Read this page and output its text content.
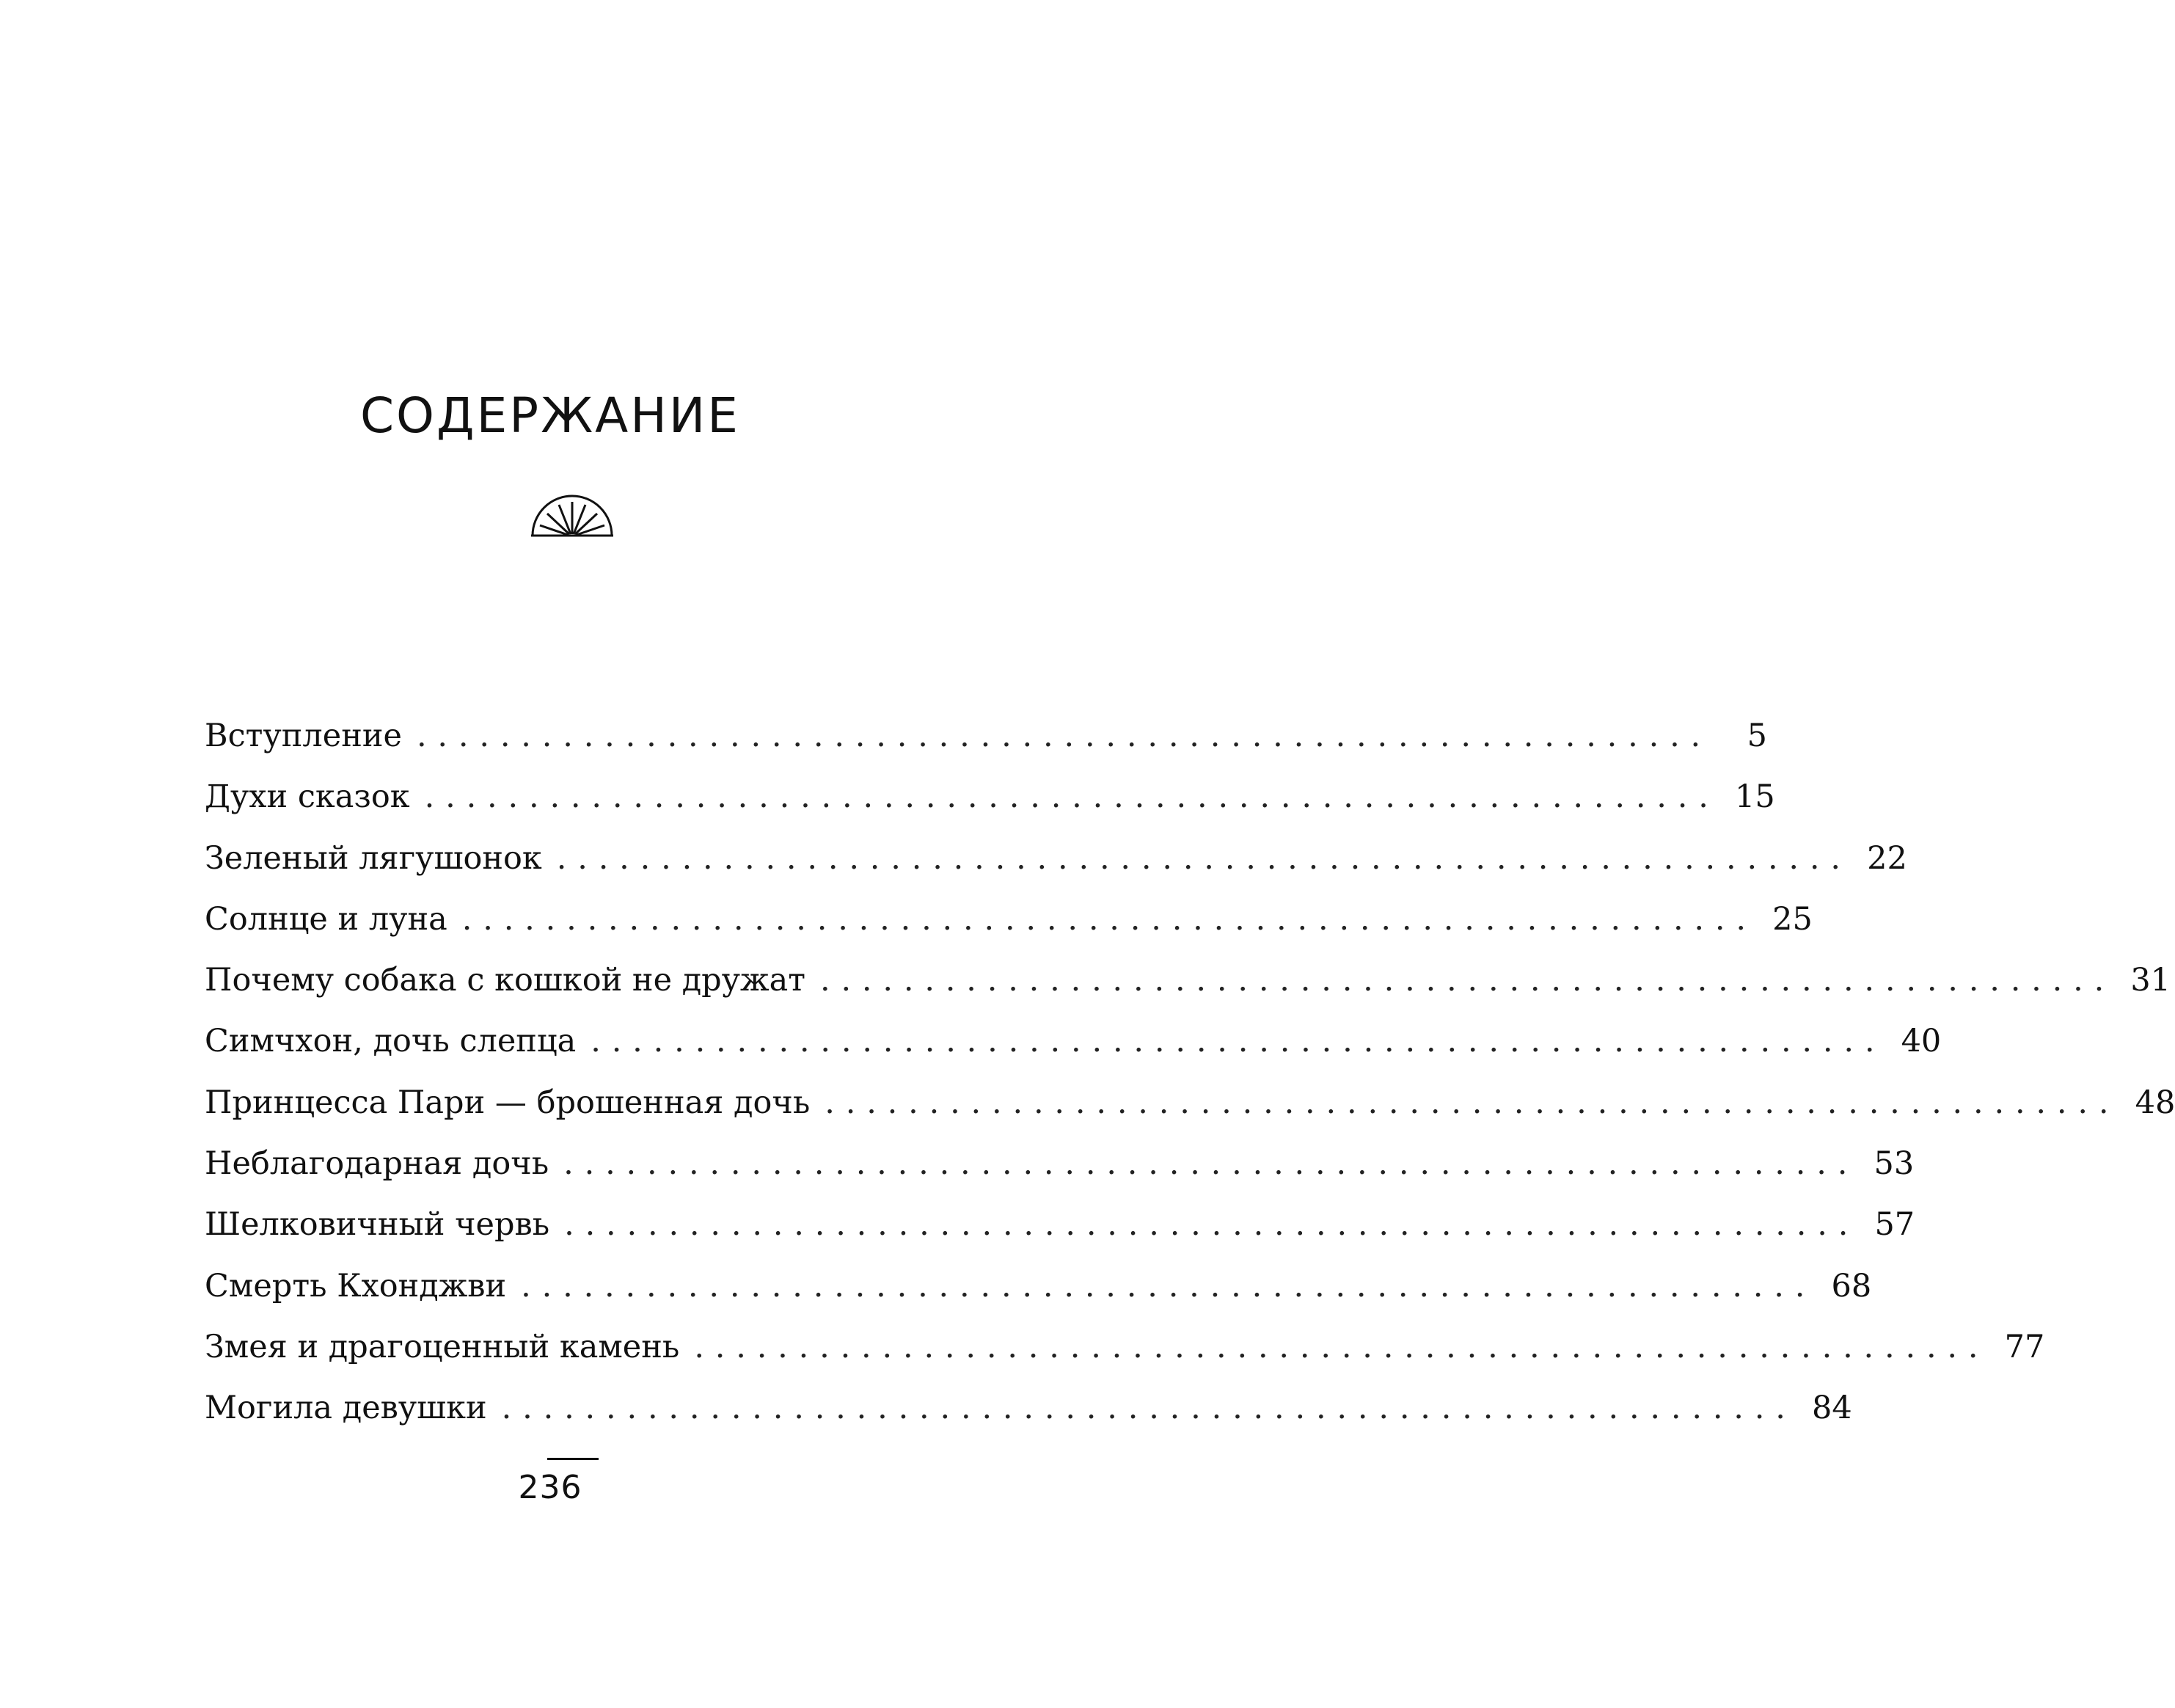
СОДЕРЖАНИЕ
Вступление ..............................................................	5
Духи сказок .............................................................. 15
Зеленый лягушонок .............................................................. 22
Солнце и луна .............................................................. 25
Почему собака с кошкой не дружат .............................................................. 31
Симчхон, дочь слепца .............................................................. 40
Принцесса Пари — брошенная дочь .............................................................. 48
Неблагодарная дочь .............................................................. 53
Шелковичный червь .............................................................. 57
Смерть Кхонджви .............................................................. 68
Змея и драгоценный камень .............................................................. 77
Могила девушки .............................................................. 84
236
